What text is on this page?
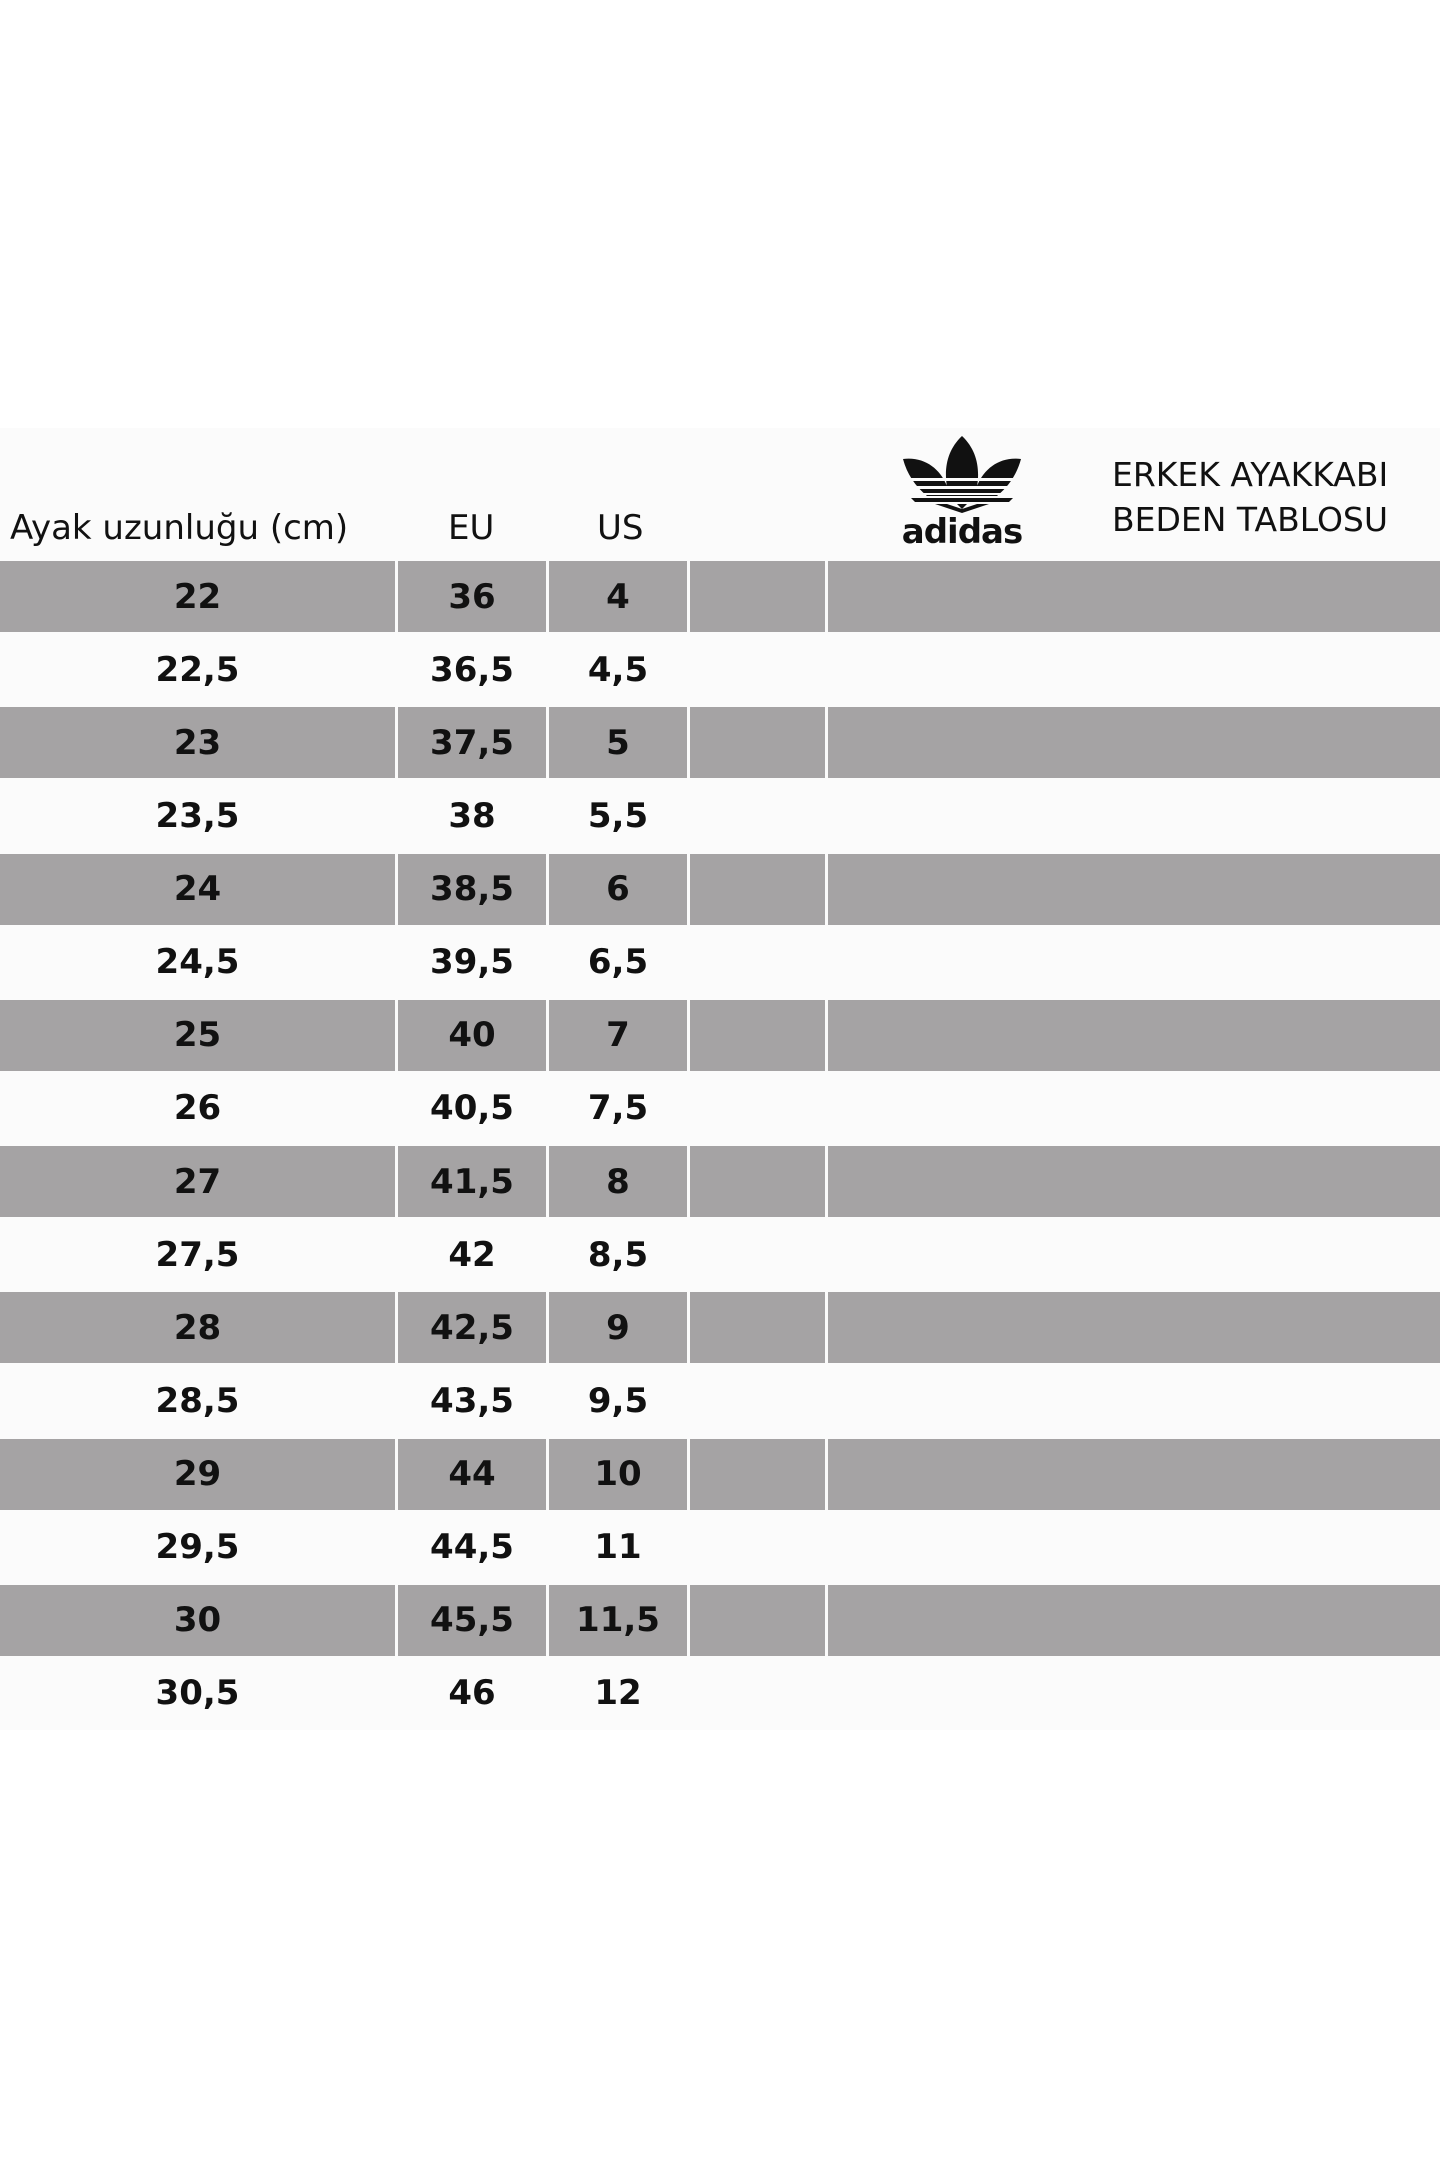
Ayak uzunluğu (cm)	EU	US	adidas
ERKEK AYAKKABI
BEDEN TABLOSU
22	36	4
22,5	36,5	4,5
23	37,5	5
23,5	38	5,5
24	38,5	6
24,5	39,5	6,5
25	40	7
26	40,5	7,5
27	41,5	8
27,5	42	8,5
28	42,5	9
28,5	43,5	9,5
29	44	10
29,5	44,5	11
30	45,5	11,5
30,5	46	12
